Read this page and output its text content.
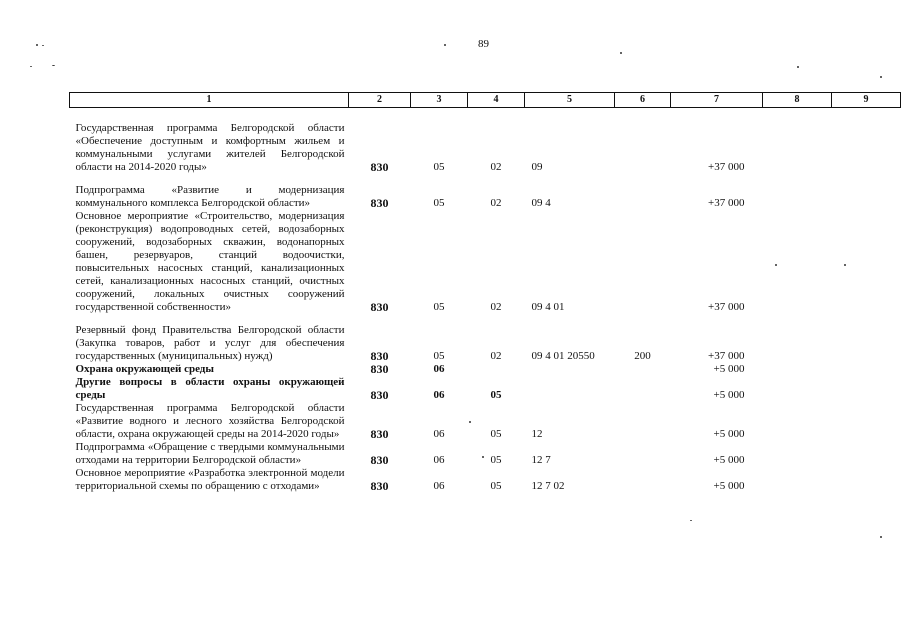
89
1	2	3	4	5	6	7	8	9
Государственная программа Белгородской области «Обеспечение доступным и комфортным жильем и коммунальными услугами жителей Белгородской области на 2014-2020 годы»	830	05	02	09		+37 000		
Подпрограмма «Развитие и модернизация коммунального комплекса Белгородской области»	830	05	02	09 4		+37 000		
Основное мероприятие «Строительство, модернизация (реконструкция) водопроводных сетей, водозаборных сооружений, водозаборных скважин, водонапорных башен, резервуаров, станций водоочистки, повысительных насосных станций, канализационных сетей, канализационных насосных станций, очистных сооружений, локальных очистных сооружений государственной собственности»	830	05	02	09 4 01		+37 000		
Резервный фонд Правительства Белгородской области (Закупка товаров, работ и услуг для обеспечения государственных (муниципальных) нужд)	830	05	02	09 4 01 20550	200	+37 000		
Охрана окружающей среды	830	06				+5 000		
Другие вопросы в области охраны окружающей среды	830	06	05			+5 000		
Государственная программа Белгородской области «Развитие водного и лесного хозяйства Белгородской области, охрана окружающей среды на 2014-2020 годы»	830	06	05	12		+5 000		
Подпрограмма «Обращение с твердыми коммунальными отходами на территории Белгородской области»	830	06	05	12 7		+5 000		
Основное мероприятие «Разработка электронной модели территориальной схемы по обращению с отходами»	830	06	05	12 7 02		+5 000		
